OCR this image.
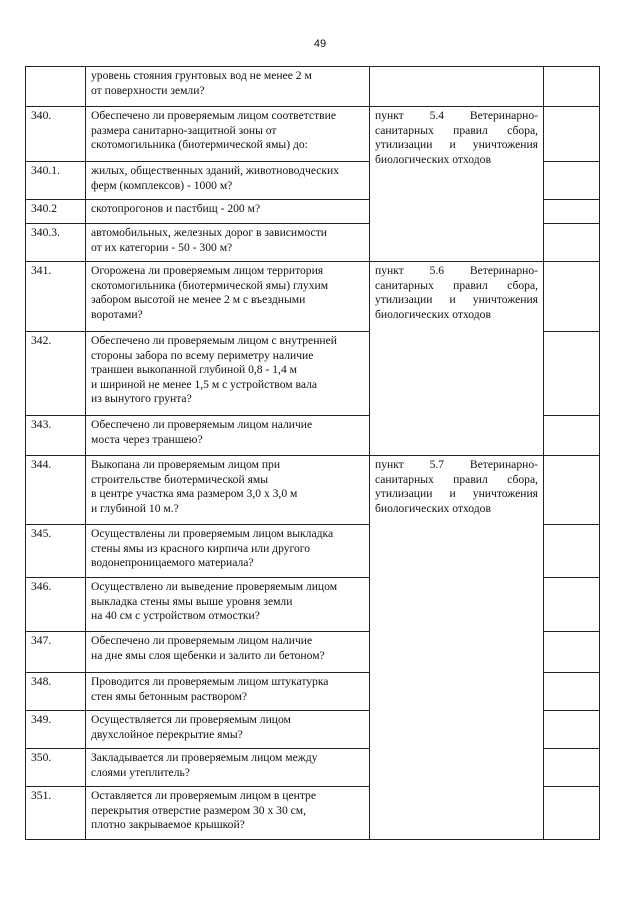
49
	уровень стояния грунтовых вод не менее 2 м
от поверхности земли?		
340.	Обеспечено ли проверяемым лицом соответствие
размера санитарно-защитной зоны от
скотомогильника (биотермической ямы) до:	пункт 5.4 Ветеринарно-санитарных правил сбора, утилизации и уничтожения биологических отходов	
340.1.	жилых, общественных зданий, животноводческих
ферм (комплексов) - 1000 м?		
340.2	скотопрогонов и пастбищ - 200 м?		
340.3.	автомобильных, железных дорог в зависимости
от их категории - 50 - 300 м?		
341.	Огорожена ли проверяемым лицом территория
скотомогильника (биотермической ямы) глухим
забором высотой не менее 2 м с въездными
воротами?	пункт 5.6 Ветеринарно-санитарных правил сбора, утилизации и уничтожения биологических отходов	
342.	Обеспечено ли проверяемым лицом с внутренней
стороны забора по всему периметру наличие
траншеи выкопанной глубиной 0,8 - 1,4 м
и шириной не менее 1,5 м с устройством вала
из вынутого грунта?		
343.	Обеспечено ли проверяемым лицом наличие
моста через траншею?		
344.	Выкопана ли проверяемым лицом при
строительстве биотермической ямы
в центре участка яма размером 3,0 х 3,0 м
и глубиной 10 м.?	пункт 5.7 Ветеринарно-санитарных правил сбора, утилизации и уничтожения биологических отходов	
345.	Осуществлены ли проверяемым лицом выкладка
стены ямы из красного кирпича или другого
водонепроницаемого материала?		
346.	Осуществлено ли выведение проверяемым лицом
выкладка стены ямы выше уровня земли
на 40 см с устройством отмостки?		
347.	Обеспечено ли проверяемым лицом наличие
на дне ямы слоя щебенки и залито ли бетоном?		
348.	Проводится ли проверяемым лицом штукатурка
стен ямы бетонным раствором?		
349.	Осуществляется ли проверяемым лицом
двухслойное перекрытие ямы?		
350.	Закладывается ли проверяемым лицом между
слоями утеплитель?		
351.	Оставляется ли проверяемым лицом в центре
перекрытия отверстие размером 30 х 30 см,
плотно закрываемое крышкой?		
